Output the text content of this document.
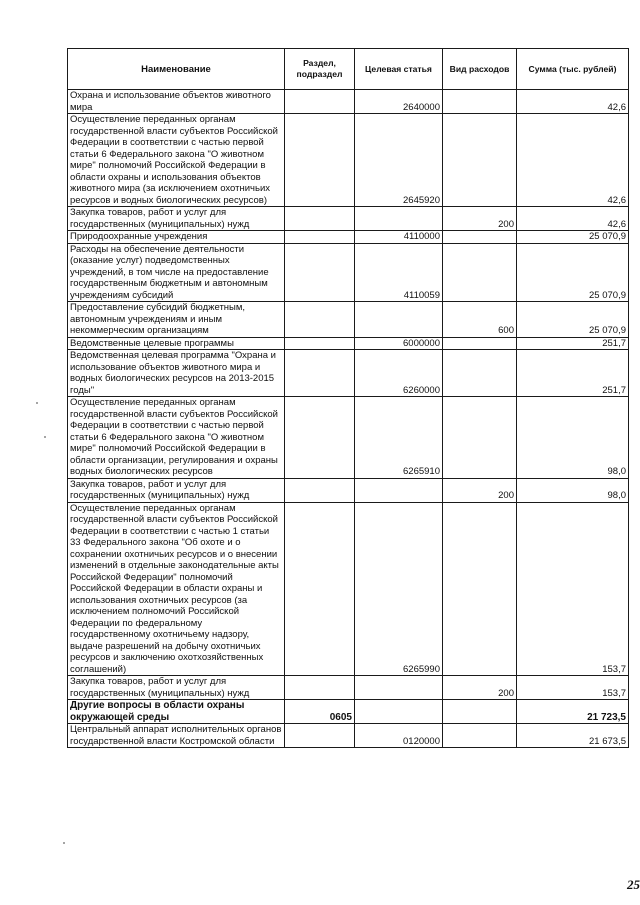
Наименование	Раздел, подраздел	Целевая статья	Вид расходов	Сумма (тыс. рублей)
Охрана и использование объектов животного мира		2640000		42,6
Осуществление переданных органам государственной власти субъектов Российской Федерации в соответствии с частью первой статьи 6 Федерального закона "О животном мире" полномочий Российской Федерации в области охраны и использования объектов животного мира (за исключением охотничьих ресурсов и водных биологических ресурсов)		2645920		42,6
Закупка товаров, работ и услуг для государственных (муниципальных) нужд			200	42,6
Природоохранные учреждения		4110000		25 070,9
Расходы на обеспечение деятельности (оказание услуг) подведомственных учреждений, в том числе на предоставление государственным бюджетным и автономным учреждениям субсидий		4110059		25 070,9
Предоставление субсидий бюджетным, автономным учреждениям и иным некоммерческим организациям			600	25 070,9
Ведомственные целевые программы		6000000		251,7
Ведомственная целевая программа "Охрана и использование объектов животного мира и водных биологических ресурсов на 2013-2015 годы"		6260000		251,7
Осуществление переданных органам государственной власти субъектов Российской Федерации в соответствии с частью первой статьи 6 Федерального закона "О животном мире" полномочий Российской Федерации в области организации, регулирования и охраны водных биологических ресурсов		6265910		98,0
Закупка товаров, работ и услуг для государственных (муниципальных) нужд			200	98,0
Осуществление переданных органам государственной власти субъектов Российской Федерации в соответствии с частью 1 статьи 33 Федерального закона "Об охоте и о сохранении охотничьих ресурсов и о внесении изменений в отдельные законодательные акты Российской Федерации" полномочий Российской Федерации в области охраны и использования охотничьих ресурсов (за исключением полномочий Российской Федерации по федеральному государственному охотничьему надзору, выдаче разрешений на добычу охотничьих ресурсов и заключению охотхозяйственных соглашений)		6265990		153,7
Закупка товаров, работ и услуг для государственных (муниципальных) нужд			200	153,7
Другие вопросы в области охраны окружающей среды	0605			21 723,5
Центральный аппарат исполнительных органов государственной власти Костромской области		0120000		21 673,5
25
